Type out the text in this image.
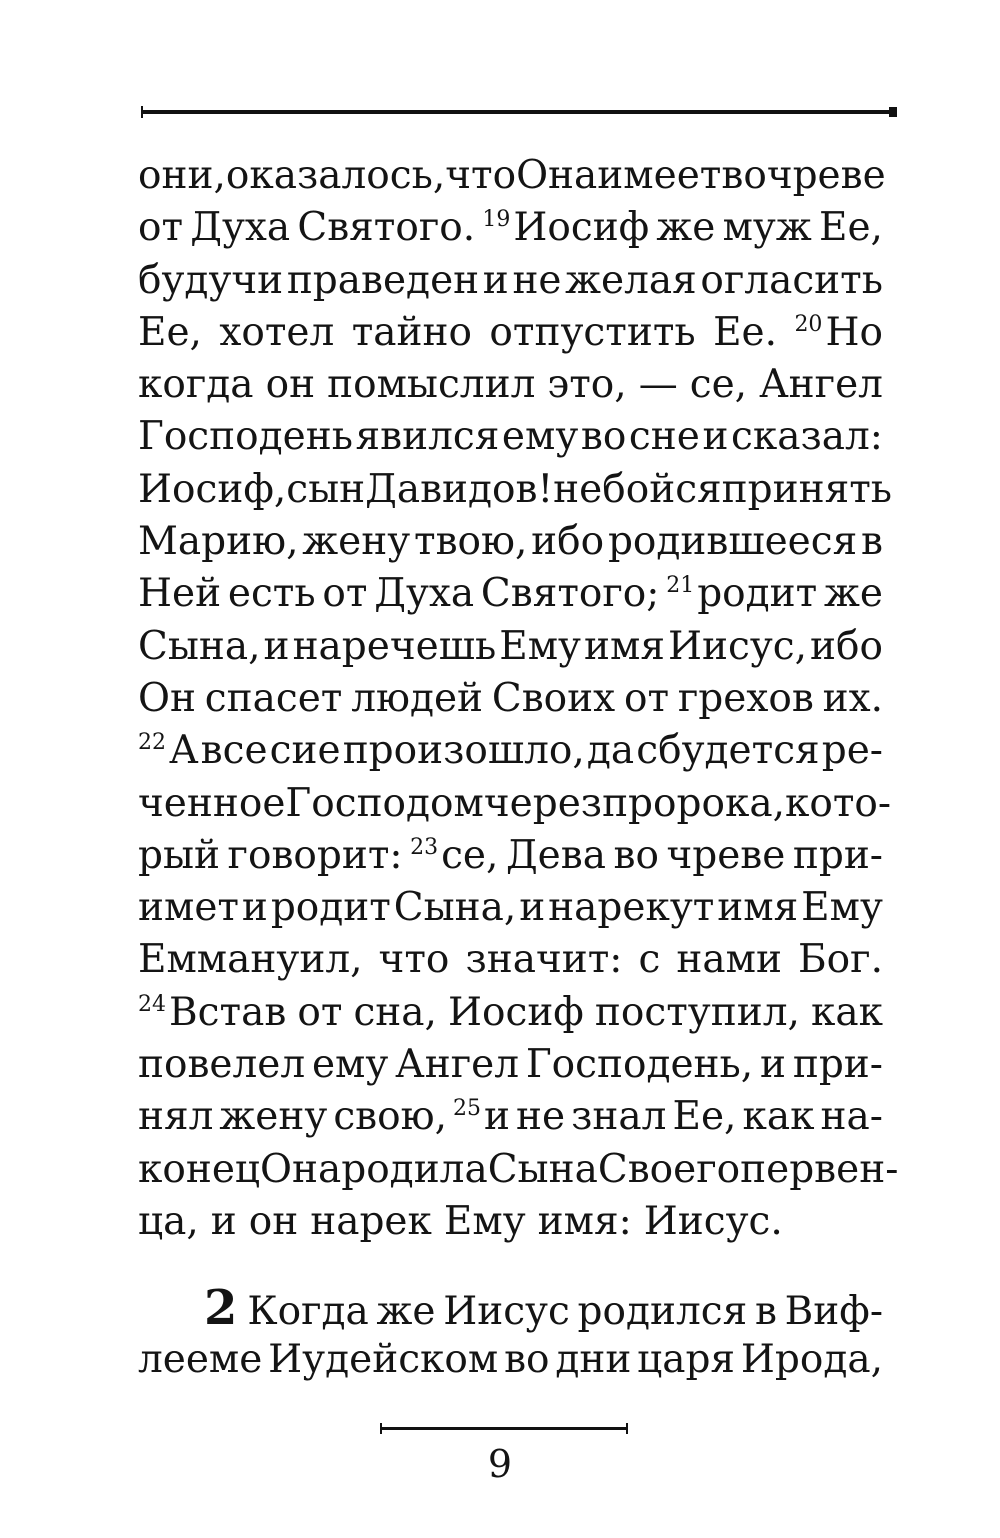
они, оказалось, что Она имеет во чреве
от Духа Святого. $^{19}$Иосиф же муж Ее,
будучи праведен и не желая огласить
Ее, хотел тайно отпустить Ее. $^{20}$Но
когда он помыслил это, — се, Ангел
Господень явился ему во сне и сказал:
Иосиф, сын Давидов! не бойся принять
Марию, жену твою, ибо родившееся в
Ней есть от Духа Святого; $^{21}$родит же
Сына, и наречешь Ему имя Иисус, ибо
Он спасет людей Своих от грехов их.
$^{22}$А все сие произошло, да сбудется ре-
ченное Господом через пророка, кото-
рый говорит: $^{23}$се, Дева во чреве при-
имет и родит Сына, и нарекут имя Ему
Еммануил, что значит: с нами Бог.
$^{24}$Встав от сна, Иосиф поступил, как
повелел ему Ангел Господень, и при-
нял жену свою, $^{25}$и не знал Ее, как на-
конец Она родила Сына Своего первен-
ца, и он нарек Ему имя: Иисус.
2 Когда же Иисус родился в Виф-
лееме Иудейском во дни царя Ирода,
9
